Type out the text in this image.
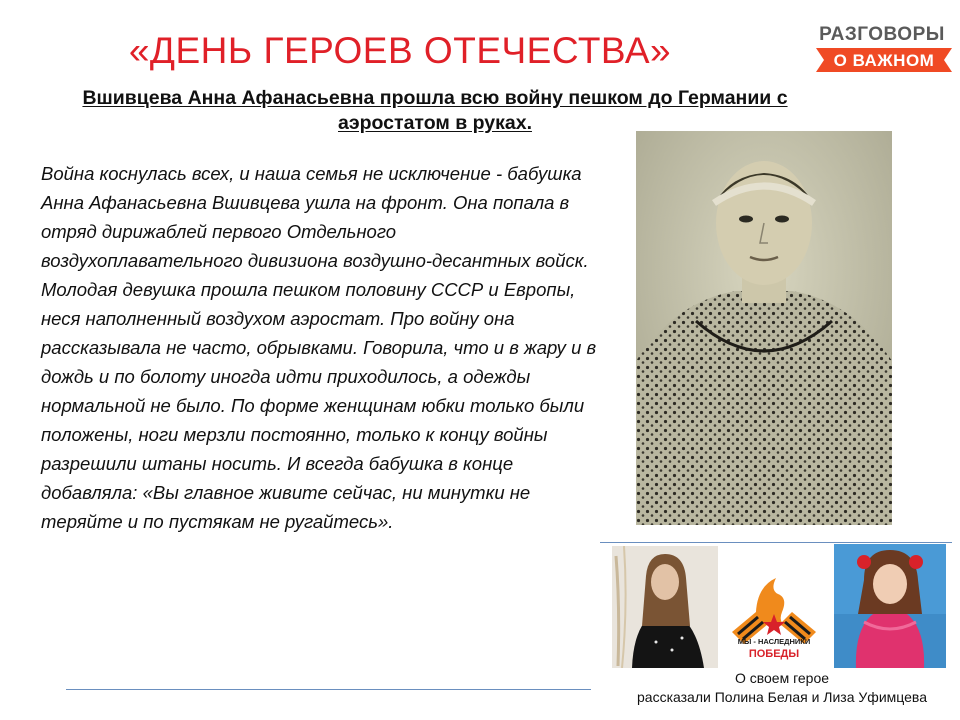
«ДЕНЬ ГЕРОЕВ ОТЕЧЕСТВА»
Вшивцева Анна Афанасьевна прошла всю войну пешком до Германии с аэростатом в руках.
РАЗГОВОРЫ
О ВАЖНОМ
Война коснулась всех, и наша семья не исключение - бабушка Анна Афанасьевна Вшивцева ушла на фронт. Она попала в отряд дирижаблей первого Отдельного воздухоплавательного дивизиона воздушно-десантных войск. Молодая девушка прошла пешком половину СССР и Европы, неся наполненный воздухом аэростат. Про войну она рассказывала не часто, обрывками. Говорила, что и в жару и в дождь и по болоту иногда идти приходилось, а одежды нормальной не было. По форме женщинам юбки только были положены, ноги мерзли постоянно, только к концу войны разрешили штаны носить. И всегда бабушка в конце добавляла: «Вы главное живите сейчас, ни минутки не теряйте и по пустякам не ругайтесь».
МЫ - НАСЛЕДНИКИ
ПОБЕДЫ
О своем герое
рассказали Полина Белая и Лиза Уфимцева
